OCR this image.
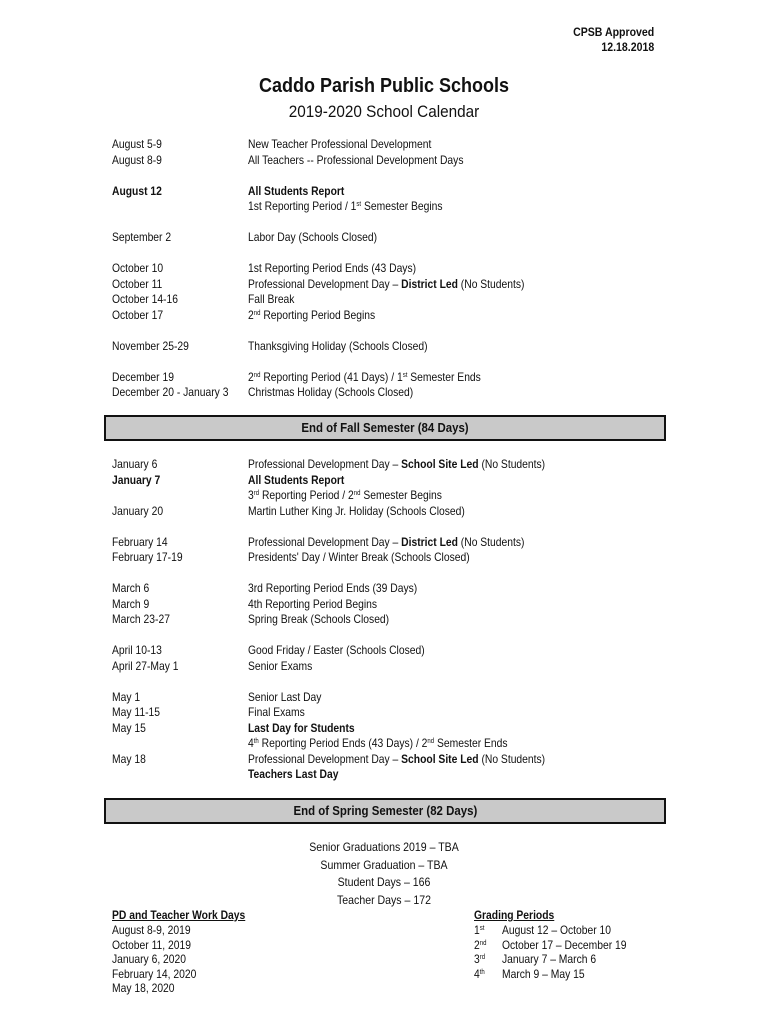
CPSB Approved
12.18.2018
Caddo Parish Public Schools
2019-2020 School Calendar
August 5-9	New Teacher Professional Development
August 8-9	All Teachers -- Professional Development Days
August 12	All Students Report
1st Reporting Period / 1st Semester Begins
September 2	Labor Day (Schools Closed)
October 10	1st Reporting Period Ends (43 Days)
October 11	Professional Development Day – District Led (No Students)
October 14-16	Fall Break
October 17	2nd Reporting Period Begins
November 25-29	Thanksgiving Holiday (Schools Closed)
December 19	2nd Reporting Period (41 Days) / 1st Semester Ends
December 20 - January 3 Christmas Holiday (Schools Closed)
End of Fall Semester (84 Days)
January 6	Professional Development Day – School Site Led (No Students)
January 7	All Students Report
3rd Reporting Period / 2nd Semester Begins
January 20	Martin Luther King Jr. Holiday (Schools Closed)
February 14	Professional Development Day – District Led (No Students)
February 17-19	Presidents' Day / Winter Break (Schools Closed)
March 6	3rd Reporting Period Ends (39 Days)
March 9	4th Reporting Period Begins
March 23-27	Spring Break (Schools Closed)
April 10-13	Good Friday / Easter (Schools Closed)
April 27-May 1	Senior Exams
May 1	Senior Last Day
May 11-15	Final Exams
May 15	Last Day for Students
4th Reporting Period Ends (43 Days) / 2nd Semester Ends
May 18	Professional Development Day – School Site Led (No Students)
Teachers Last Day
End of Spring Semester (82 Days)
Senior Graduations 2019 – TBA
Summer Graduation – TBA
Student Days – 166
Teacher Days – 172
PD and Teacher Work Days
August 8-9, 2019
October 11, 2019
January 6, 2020
February 14, 2020
May 18, 2020
Grading Periods
1st August 12 – October 10
2nd October 17 – December 19
3rd January 7 – March 6
4th March 9 – May 15
